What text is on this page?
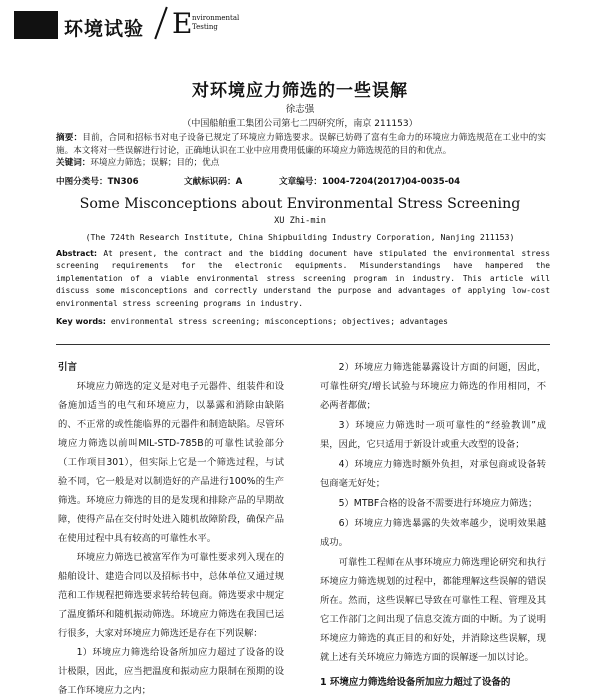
环境试验 E nvironmental
Testing
对环境应力筛选的一些误解
徐志强
（中国船舶重工集团公司第七二四研究所，南京 211153）
摘要：目前，合同和招标书对电子设备已规定了环境应力筛选要求。误解已妨碍了富有生命力的环境应力筛选规范在工业中的实施。本文将对一些误解进行讨论，正确地认识在工业中应用费用低廉的环境应力筛选规范的目的和优点。
关键词：环境应力筛选；误解；目的；优点
中图分类号：TN306	文献标识码：A	文章编号：1004-7204(2017)04-0035-04
Some Misconceptions about Environmental Stress Screening
XU Zhi-min
(The 724th Research Institute, China Shipbuilding Industry Corporation, Nanjing 211153)
Abstract: At present, the contract and the bidding document have stipulated the environmental stress screening requirements for the electronic equipments. Misunderstandings have hampered the implementation of a viable environmental stress screening program in industry. This article will discuss some misconceptions and correctly understand the purpose and advantages of applying low-cost environmental stress screening programs in industry.
Key words: environmental stress screening; misconceptions; objectives; advantages
引言

环境应力筛选的定义是对电子元器件、组装件和设备施加适当的电气和环境应力，以暴露和消除由缺陷的、不正常的或性能临界的元器件和制造缺陷。尽管环境应力筛选以前叫MIL-STD-785B的可靠性试验部分（工作项目301），但实际上它是一个筛选过程，与试验不同，它一般是对以制造好的产品进行100%的生产筛选。环境应力筛选的目的是发现和排除产品的早期故障，使得产品在交付时处进入随机故障阶段，确保产品在使用过程中具有较高的可靠性水平。

环境应力筛选已被富军作为可靠性要求列入现在的船舶设计、建造合同以及招标书中，总体单位又通过规范和工作规程把筛选要求转给转包商。筛选要求中规定了温度循环和随机振动筛选。环境应力筛选在我国已运行很多，大家对环境应力筛选还是存在下列误解：

1）环境应力筛选给设备所加应力超过了设备的设计极限，因此，应当把温度和振动应力限制在预期的设备工作环境应力之内；

2）环境应力筛选能暴露设计方面的问题，因此，可靠性研究/增长试验与环境应力筛选的作用相同，不必两者都做；

3）环境应力筛选时一项可靠性的“经验教训”成果，因此，它只适用于新设计或重大改型的设备；

4）环境应力筛选时额外负担，对承包商或设备转包商毫无好处；

5）MTBF合格的设备不需要进行环境应力筛选；

6）环境应力筛选暴露的失效率越少，说明效果越成功。

可靠性工程师在从事环境应力筛选理论研究和执行环境应力筛选规划的过程中，都能理解这些误解的错误所在。然而，这些误解已导致在可靠性工程、管理及其它工作部门之间出现了信息交流方面的中断。为了说明环境应力筛选的真正目的和好处，并消除这些误解，现就上述有关环境应力筛选方面的误解逐一加以讨论。

1 环境应力筛选给设备所加应力超过了设备的
